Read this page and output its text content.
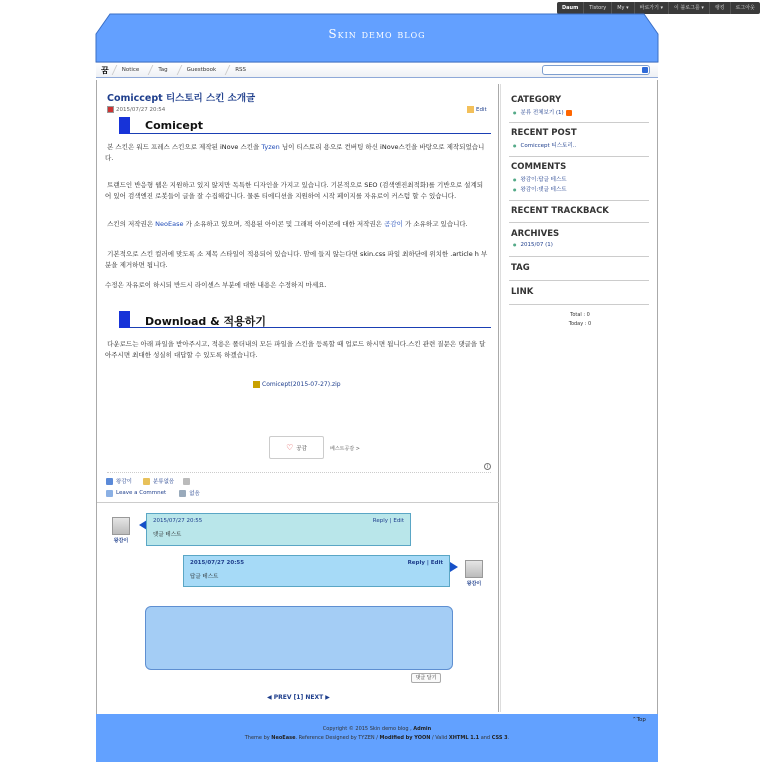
Daum	Tistory	My ▾	바로가기 ▾	이 블로그를 ▾	랭킹	로그아웃
Skin demo blog
꿈	Notice	Tag	Guestbook	RSS
Comiccept 티스토리 스킨 소개글
2015/07/27 20:54	Edit
Comicept
본 스킨은 워드 프레스 스킨으로 제작된 iNove 스킨을 Tyzen 님이 티스토리 용으로 컨버팅 하신 iNove스킨을 바탕으로 제작되었습니다.
트랜드인 반응형 웹은 지원하고 있지 않지만 독특한 디자인을 가지고 있습니다. 기본적으로 SEO (검색엔진최적화)를 기반으로 설계되어 있어 검색엔진 로봇들이 글을 잘 수집해갑니다. 물론 티에디션을 지원하여 시작 페이지를 자유로이 커스텀 할 수 있습니다.
스킨의 저작권은 NeoEase 가 소유하고 있으며, 적용된 아이콘 및 그래픽 아이콘에 대한 저작권은 곰감이 가 소유하고 있습니다.
기본적으로 스킨 컬러에 맞도록 소 제목 스타일이 적용되어 있습니다. 맘에 들지 않는다면 skin.css 파일 최하단에 위치한 .article h 부분을 제거하면 됩니다.
수정은 자유로이 하시되 반드시 라이센스 부분에 대한 내용은 수정하지 마세요.
Download & 적용하기
다운로드는 아래 파일을 받아주시고, 적용은 폴더내의 모든 파일을 스킨을 등록할 때 업로드 하시면 됩니다.스킨 관련 질문은 댓글을 달아주시면 최대한 성실히 대답할 수 있도록 하겠습니다.
Comicept(2015-07-27).zip
♡ 공감	베스트공감 >
i
왕감이	분류없음
Leave a Commnet	없음
왕감이
2015/07/27 20:55	Reply | Edit
댓글 테스트
2015/07/27 20:55	Reply | Edit
답글 테스트
왕감이
댓글 달기
◀ PREV [1] NEXT ▶
CATEGORY
● 분류 전체보기 (1)
RECENT POST
● Comiccept 티스토리..
COMMENTS
● 왕감이:답글 테스트
● 왕감이:댓글 테스트
RECENT TRACKBACK
ARCHIVES
● 2015/07 (1)
TAG
LINK
Total : 0
Today : 0
Copyright © 2015 Skin demo blog , Admin
Theme by NeoEase. Reference Designed by TYZEN / Modified by YOON / Valid XHTML 1.1 and CSS 3.
⌃Top
